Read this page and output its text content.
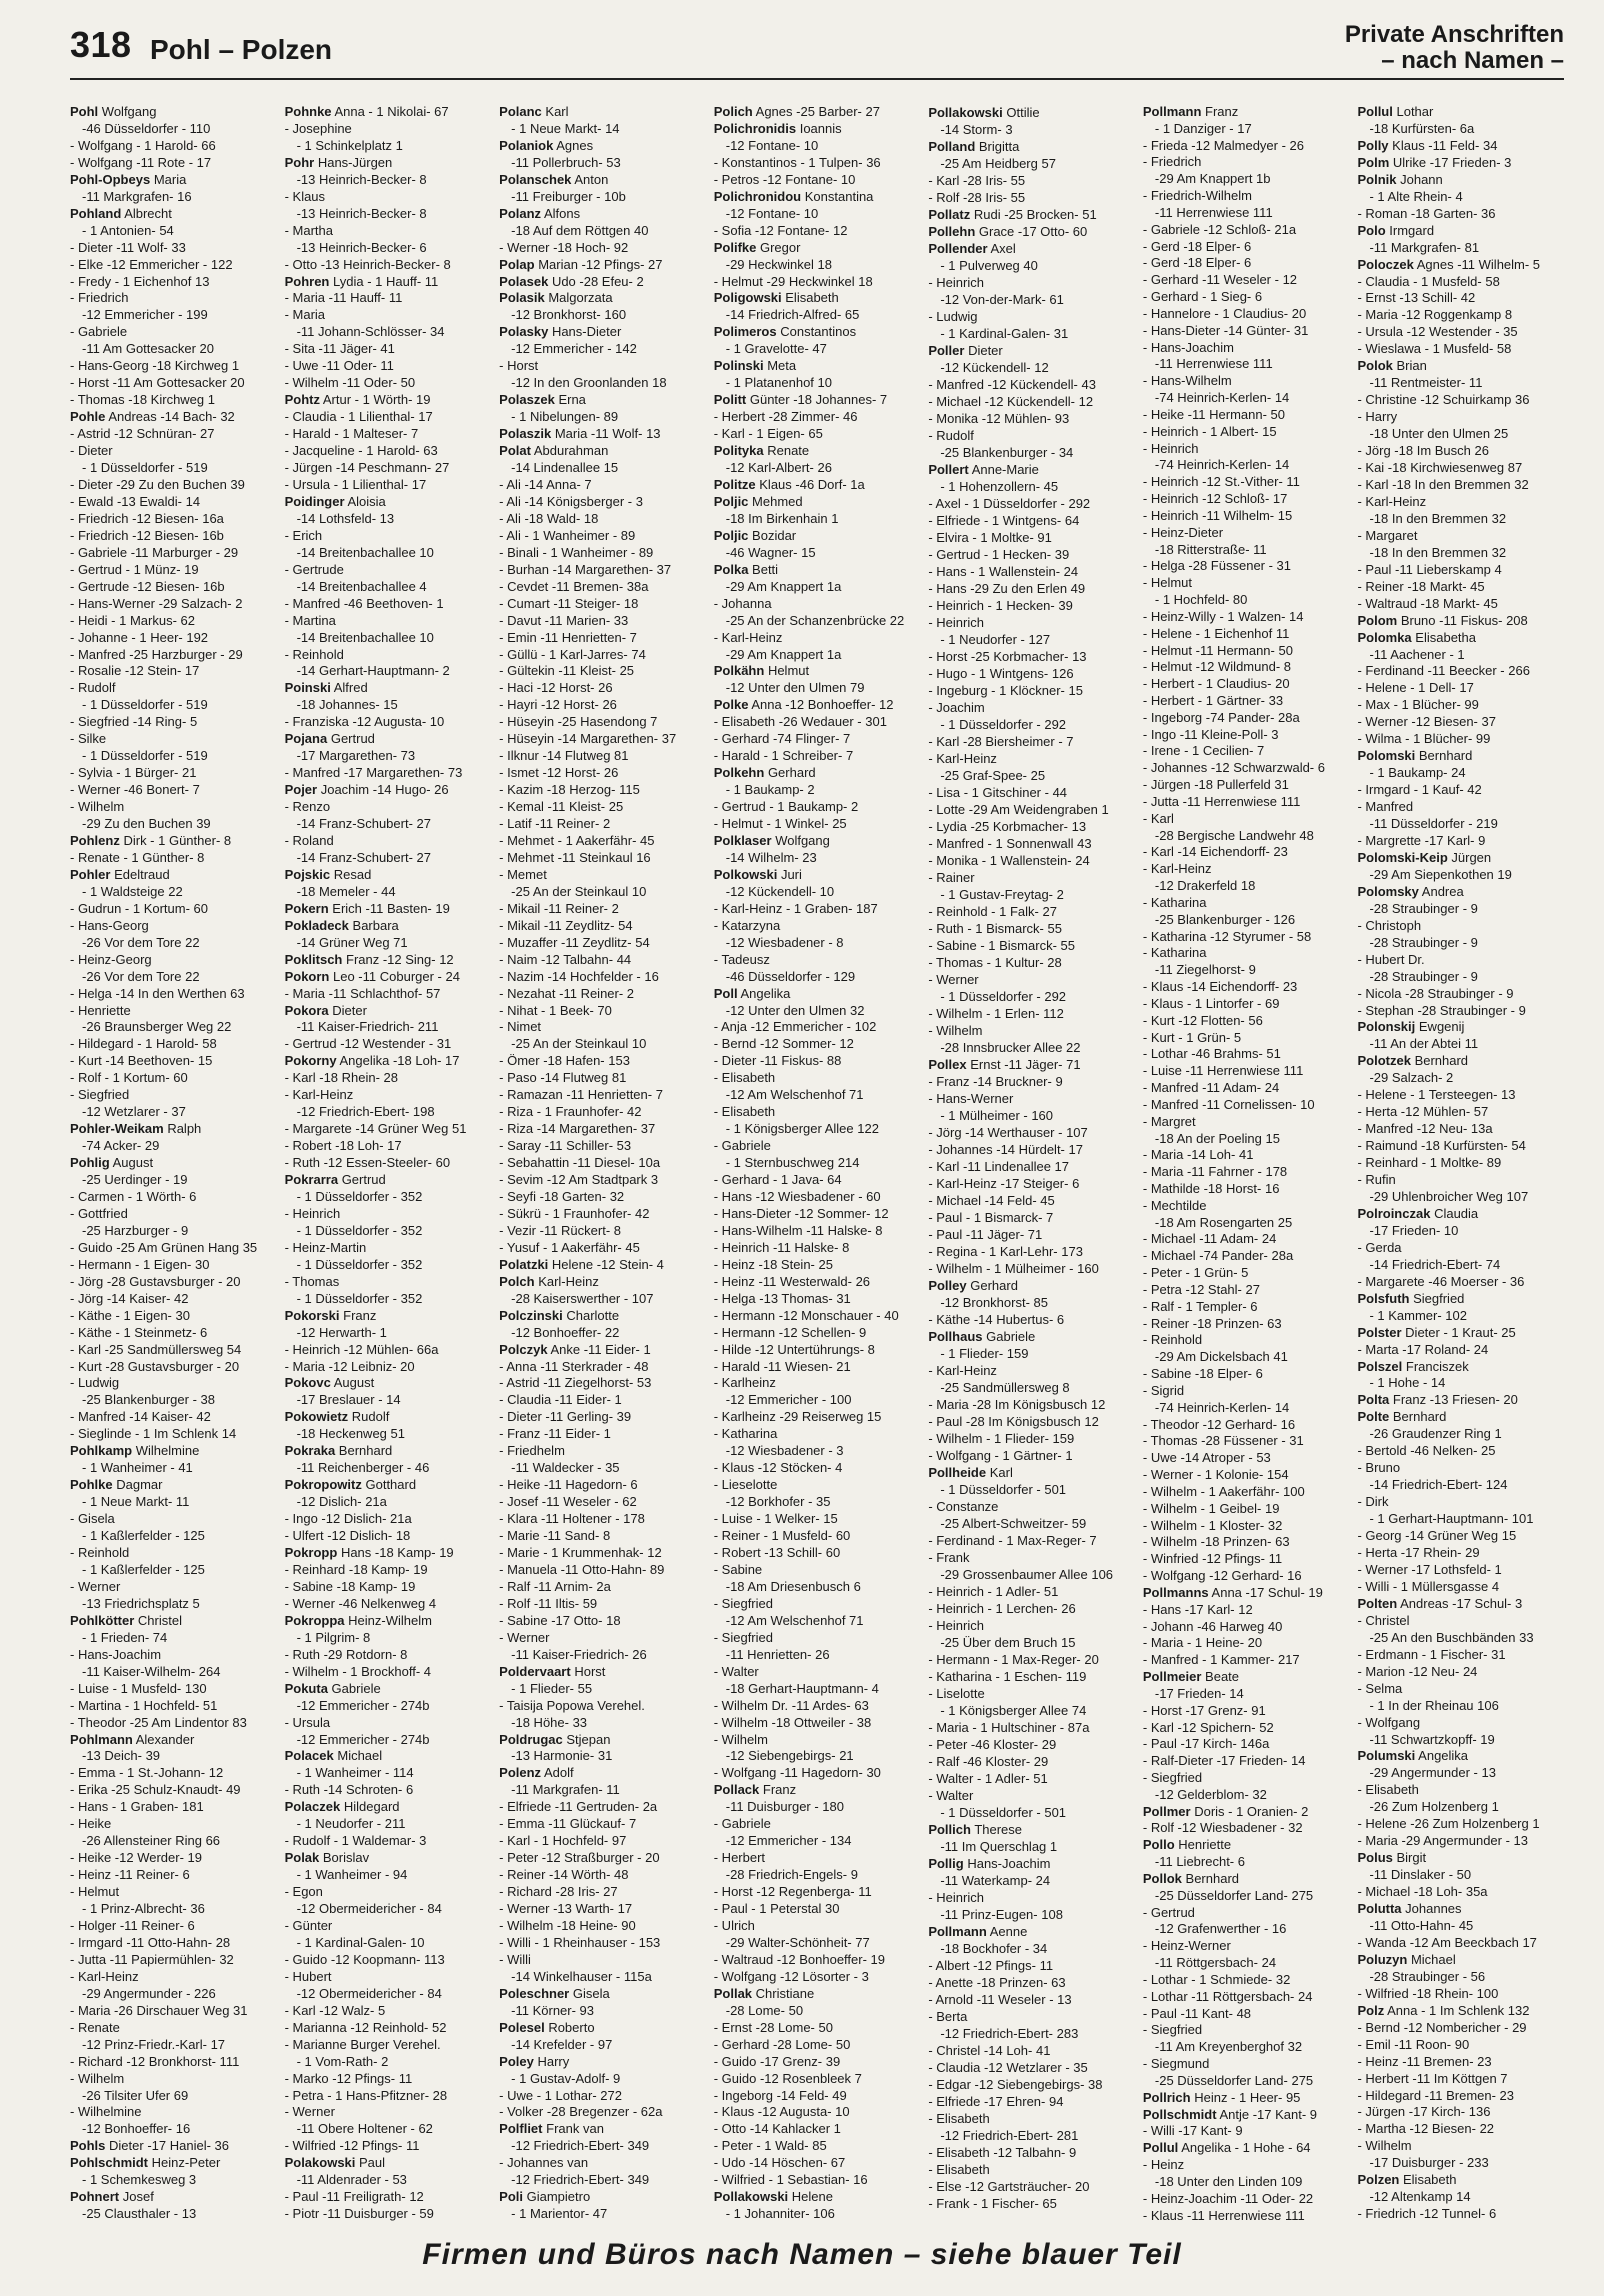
318 Pohl – Polzen	Private Anschriften
– nach Namen –
Pohl Wolfgang
-46 Düsseldorfer - 110
- Wolfgang - 1 Harold- 66
- Wolfgang -11 Rote - 17
Pohl-Opbeys Maria
-11 Markgrafen- 16
Pohland Albrecht
- 1 Antonien- 54
- Dieter -11 Wolf- 33
- Elke -12 Emmericher - 122
- Fredy - 1 Eichenhof 13
- Friedrich
-12 Emmericher - 199
- Gabriele
-11 Am Gottesacker 20
- Hans-Georg -18 Kirchweg 1
- Horst -11 Am Gottesacker 20
- Thomas -18 Kirchweg 1
Pohle Andreas -14 Bach- 32
- Astrid -12 Schnüran- 27
- Dieter
- 1 Düsseldorfer - 519
- Dieter -29 Zu den Buchen 39
- Ewald -13 Ewaldi- 14
- Friedrich -12 Biesen- 16a
- Friedrich -12 Biesen- 16b
- Gabriele -11 Marburger - 29
- Gertrud - 1 Münz- 19
- Gertrude -12 Biesen- 16b
- Hans-Werner -29 Salzach- 2
- Heidi - 1 Markus- 62
- Johanne - 1 Heer- 192
- Manfred -25 Harzburger - 29
- Rosalie -12 Stein- 17
- Rudolf
- 1 Düsseldorfer - 519
- Siegfried -14 Ring- 5
- Silke
- 1 Düsseldorfer - 519
- Sylvia - 1 Bürger- 21
- Werner -46 Bonert- 7
- Wilhelm
-29 Zu den Buchen 39
Pohlenz Dirk - 1 Günther- 8
- Renate - 1 Günther- 8
Pohler Edeltraud
- 1 Waldsteige 22
- Gudrun - 1 Kortum- 60
- Hans-Georg
-26 Vor dem Tore 22
- Heinz-Georg
-26 Vor dem Tore 22
- Helga -14 In den Werthen 63
- Henriette
-26 Braunsberger Weg 22
- Hildegard - 1 Harold- 58
- Kurt -14 Beethoven- 15
- Rolf - 1 Kortum- 60
- Siegfried
-12 Wetzlarer - 37
Pohler-Weikam Ralph
-74 Acker- 29
Pohlig August
-25 Uerdinger - 19
- Carmen - 1 Wörth- 6
- Gottfried
-25 Harzburger - 9
- Guido -25 Am Grünen Hang 35
- Hermann - 1 Eigen- 30
- Jörg -28 Gustavsburger - 20
- Jörg -14 Kaiser- 42
- Käthe - 1 Eigen- 30
- Käthe - 1 Steinmetz- 6
- Karl -25 Sandmüllersweg 54
- Kurt -28 Gustavsburger - 20
- Ludwig
-25 Blankenburger - 38
- Manfred -14 Kaiser- 42
- Sieglinde - 1 Im Schlenk 14
Pohlkamp Wilhelmine
- 1 Wanheimer - 41
Pohlke Dagmar
- 1 Neue Markt- 11
- Gisela
- 1 Kaßlerfelder - 125
- Reinhold
- 1 Kaßlerfelder - 125
- Werner
-13 Friedrichsplatz 5
Pohlkötter Christel
- 1 Frieden- 74
- Hans-Joachim
-11 Kaiser-Wilhelm- 264
- Luise - 1 Musfeld- 130
- Martina - 1 Hochfeld- 51
- Theodor -25 Am Lindentor 83
Pohlmann Alexander
-13 Deich- 39
- Emma - 1 St.-Johann- 12
- Erika -25 Schulz-Knaudt- 49
- Hans - 1 Graben- 181
- Heike
-26 Allensteiner Ring 66
- Heike -12 Werder- 19
- Heinz -11 Reiner- 6
- Helmut
- 1 Prinz-Albrecht- 36
- Holger -11 Reiner- 6
- Irmgard -11 Otto-Hahn- 28
- Jutta -11 Papiermühlen- 32
- Karl-Heinz
-29 Angermunder - 226
- Maria -26 Dirschauer Weg 31
- Renate
-12 Prinz-Friedr.-Karl- 17
- Richard -12 Bronkhorst- 111
- Wilhelm
-26 Tilsiter Ufer 69
- Wilhelmine
-12 Bonhoeffer- 16
Pohls Dieter -17 Haniel- 36
Pohlschmidt Heinz-Peter
- 1 Schemkesweg 3
Pohnert Josef
-25 Clausthaler - 13
Pohnke Anna - 1 Nikolai- 67
- Josephine
- 1 Schinkelplatz 1
Pohr Hans-Jürgen
-13 Heinrich-Becker- 8
- Klaus
-13 Heinrich-Becker- 8
- Martha
-13 Heinrich-Becker- 6
- Otto -13 Heinrich-Becker- 8
Pohren Lydia - 1 Hauff- 11
- Maria -11 Hauff- 11
- Maria
-11 Johann-Schlösser- 34
- Sita -11 Jäger- 41
- Uwe -11 Oder- 11
- Wilhelm -11 Oder- 50
Pohtz Artur - 1 Wörth- 19
- Claudia - 1 Lilienthal- 17
- Harald - 1 Malteser- 7
- Jacqueline - 1 Harold- 63
- Jürgen -14 Peschmann- 27
- Ursula - 1 Lilienthal- 17
Poidinger Aloisia
-14 Lothsfeld- 13
- Erich
-14 Breitenbachallee 10
- Gertrude
-14 Breitenbachallee 4
- Manfred -46 Beethoven- 1
- Martina
-14 Breitenbachallee 10
- Reinhold
-14 Gerhart-Hauptmann- 2
Poinski Alfred
-18 Johannes- 15
- Franziska -12 Augusta- 10
Pojana Gertrud
-17 Margarethen- 73
- Manfred -17 Margarethen- 73
Pojer Joachim -14 Hugo- 26
- Renzo
-14 Franz-Schubert- 27
- Roland
-14 Franz-Schubert- 27
Pojskic Resad
-18 Memeler - 44
Pokern Erich -11 Basten- 19
Pokladeck Barbara
-14 Grüner Weg 71
Poklitsch Franz -12 Sing- 12
Pokorn Leo -11 Coburger - 24
- Maria -11 Schlachthof- 57
Pokora Dieter
-11 Kaiser-Friedrich- 211
- Gertrud -12 Westender - 31
Pokorny Angelika -18 Loh- 17
- Karl -18 Rhein- 28
- Karl-Heinz
-12 Friedrich-Ebert- 198
- Margarete -14 Grüner Weg 51
- Robert -18 Loh- 17
- Ruth -12 Essen-Steeler- 60
Pokrarra Gertrud
- 1 Düsseldorfer - 352
- Heinrich
- 1 Düsseldorfer - 352
- Heinz-Martin
- 1 Düsseldorfer - 352
- Thomas
- 1 Düsseldorfer - 352
Pokorski Franz
-12 Herwarth- 1
- Heinrich -12 Mühlen- 66a
- Maria -12 Leibniz- 20
Pokovc August
-17 Breslauer - 14
Pokowietz Rudolf
-18 Heckenweg 51
Pokraka Bernhard
-11 Reichenberger - 46
Pokropowitz Gotthard
-12 Dislich- 21a
- Ingo -12 Dislich- 21a
- Ulfert -12 Dislich- 18
Pokropp Hans -18 Kamp- 19
- Reinhard -18 Kamp- 19
- Sabine -18 Kamp- 19
- Werner -46 Nelkenweg 4
Pokroppa Heinz-Wilhelm
- 1 Pilgrim- 8
- Ruth -29 Rotdorn- 8
- Wilhelm - 1 Brockhoff- 4
Pokuta Gabriele
-12 Emmericher - 274b
- Ursula
-12 Emmericher - 274b
Polacek Michael
- 1 Wanheimer - 114
- Ruth -14 Schroten- 6
Polaczek Hildegard
- 1 Neudorfer - 211
- Rudolf - 1 Waldemar- 3
Polak Borislav
- 1 Wanheimer - 94
- Egon
-12 Obermeidericher - 84
- Günter
- 1 Kardinal-Galen- 10
- Guido -12 Koopmann- 113
- Hubert
-12 Obermeidericher - 84
- Karl -12 Walz- 5
- Marianna -12 Reinhold- 52
- Marianne Burger Verehel.
- 1 Vom-Rath- 2
- Marko -12 Pfings- 11
- Petra - 1 Hans-Pfitzner- 28
- Werner
-11 Obere Holtener - 62
- Wilfried -12 Pfings- 11
Polakowski Paul
-11 Aldenrader - 53
- Paul -11 Freiligrath- 12
- Piotr -11 Duisburger - 59
Polanc Karl
- 1 Neue Markt- 14
Polaniok Agnes
-11 Pollerbruch- 53
Polanschek Anton
-11 Freiburger - 10b
Polanz Alfons
-18 Auf dem Röttgen 40
- Werner -18 Hoch- 92
Polap Marian -12 Pfings- 27
Polasek Udo -28 Efeu- 2
Polasik Malgorzata
-12 Bronkhorst- 160
Polasky Hans-Dieter
-12 Emmericher - 142
- Horst
-12 In den Groonlanden 18
Polaszek Erna
- 1 Nibelungen- 89
Polaszik Maria -11 Wolf- 13
Polat Abdurahman
-14 Lindenallee 15
- Ali -14 Anna- 7
- Ali -14 Königsberger - 3
- Ali -18 Wald- 18
- Ali - 1 Wanheimer - 89
- Binali - 1 Wanheimer - 89
- Burhan -14 Margarethen- 37
- Cevdet -11 Bremen- 38a
- Cumart -11 Steiger- 18
- Davut -11 Marien- 33
- Emin -11 Henrietten- 7
- Güllü - 1 Karl-Jarres- 74
- Gültekin -11 Kleist- 25
- Haci -12 Horst- 26
- Hayri -12 Horst- 26
- Hüseyin -25 Hasendong 7
- Hüseyin -14 Margarethen- 37
- Ilknur -14 Flutweg 81
- Ismet -12 Horst- 26
- Kazim -18 Herzog- 115
- Kemal -11 Kleist- 25
- Latif -11 Reiner- 2
- Mehmet - 1 Aakerfähr- 45
- Mehmet -11 Steinkaul 16
- Memet
-25 An der Steinkaul 10
- Mikail -11 Reiner- 2
- Mikail -11 Zeydlitz- 54
- Muzaffer -11 Zeydlitz- 54
- Naim -12 Talbahn- 44
- Nazim -14 Hochfelder - 16
- Nezahat -11 Reiner- 2
- Nihat - 1 Beek- 70
- Nimet
-25 An der Steinkaul 10
- Ömer -18 Hafen- 153
- Paso -14 Flutweg 81
- Ramazan -11 Henrietten- 7
- Riza - 1 Fraunhofer- 42
- Riza -14 Margarethen- 37
- Saray -11 Schiller- 53
- Sebahattin -11 Diesel- 10a
- Sevim -12 Am Stadtpark 3
- Seyfi -18 Garten- 32
- Sükrü - 1 Fraunhofer- 42
- Vezir -11 Rückert- 8
- Yusuf - 1 Aakerfähr- 45
Polatzki Helene -12 Stein- 4
Polch Karl-Heinz
-28 Kaiserswerther - 107
Polczinski Charlotte
-12 Bonhoeffer- 22
Polczyk Anke -11 Eider- 1
- Anna -11 Sterkrader - 48
- Astrid -11 Ziegelhorst- 53
- Claudia -11 Eider- 1
- Dieter -11 Gerling- 39
- Franz -11 Eider- 1
- Friedhelm
-11 Waldecker - 35
- Heike -11 Hagedorn- 6
- Josef -11 Weseler - 62
- Klara -11 Holtener - 178
- Marie -11 Sand- 8
- Marie - 1 Krummenhak- 12
- Manuela -11 Otto-Hahn- 89
- Ralf -11 Arnim- 2a
- Rolf -11 Iltis- 59
- Sabine -17 Otto- 18
- Werner
-11 Kaiser-Friedrich- 26
Poldervaart Horst
- 1 Flieder- 55
- Taisija Popowa Verehel.
-18 Höhe- 33
Poldrugac Stjepan
-13 Harmonie- 31
Polenz Adolf
-11 Markgrafen- 11
- Elfriede -11 Gertruden- 2a
- Emma -11 Glückauf- 7
- Karl - 1 Hochfeld- 97
- Peter -12 Straßburger - 20
- Reiner -14 Wörth- 48
- Richard -28 Iris- 27
- Werner -13 Warth- 17
- Wilhelm -18 Heine- 90
- Willi - 1 Rheinhauser - 153
- Willi
-14 Winkelhauser - 115a
Poleschner Gisela
-11 Körner- 93
Polesel Roberto
-14 Krefelder - 97
Poley Harry
- 1 Gustav-Adolf- 9
- Uwe - 1 Lothar- 272
- Volker -28 Bregenzer - 62a
Polfliet Frank van
-12 Friedrich-Ebert- 349
- Johannes van
-12 Friedrich-Ebert- 349
Poli Giampietro
- 1 Marientor- 47
Polich Agnes -25 Barber- 27
Polichronidis Ioannis
-12 Fontane- 10
- Konstantinos - 1 Tulpen- 36
- Petros -12 Fontane- 10
Polichronidou Konstantina
-12 Fontane- 10
- Sofia -12 Fontane- 12
Polifke Gregor
-29 Heckwinkel 18
- Helmut -29 Heckwinkel 18
Poligowski Elisabeth
-14 Friedrich-Alfred- 65
Polimeros Constantinos
- 1 Gravelotte- 47
Polinski Meta
- 1 Platanenhof 10
Politt Günter -18 Johannes- 7
- Herbert -28 Zimmer- 46
- Karl - 1 Eigen- 65
Polityka Renate
-12 Karl-Albert- 26
Politze Klaus -46 Dorf- 1a
Poljic Mehmed
-18 Im Birkenhain 1
Poljic Bozidar
-46 Wagner- 15
Polka Betti
-29 Am Knappert 1a
- Johanna
-25 An der Schanzenbrücke 22
- Karl-Heinz
-29 Am Knappert 1a
Polkähn Helmut
-12 Unter den Ulmen 79
Polke Anna -12 Bonhoeffer- 12
- Elisabeth -26 Wedauer - 301
- Gerhard -74 Flinger- 7
- Harald - 1 Schreiber- 7
Polkehn Gerhard
- 1 Baukamp- 2
- Gertrud - 1 Baukamp- 2
- Helmut - 1 Winkel- 25
Polklaser Wolfgang
-14 Wilhelm- 23
Polkowski Juri
-12 Kückendell- 10
- Karl-Heinz - 1 Graben- 187
- Katarzyna
-12 Wiesbadener - 8
- Tadeusz
-46 Düsseldorfer - 129
Poll Angelika
-12 Unter den Ulmen 32
- Anja -12 Emmericher - 102
- Bernd -12 Sommer- 12
- Dieter -11 Fiskus- 88
- Elisabeth
-12 Am Welschenhof 71
- Elisabeth
- 1 Königsberger Allee 122
- Gabriele
- 1 Sternbuschweg 214
- Gerhard - 1 Java- 64
- Hans -12 Wiesbadener - 60
- Hans-Dieter -12 Sommer- 12
- Hans-Wilhelm -11 Halske- 8
- Heinrich -11 Halske- 8
- Heinz -18 Stein- 25
- Heinz -11 Westerwald- 26
- Helga -13 Thomas- 31
- Hermann -12 Monschauer - 40
- Hermann -12 Schellen- 9
- Hilde -12 Untertührungs- 8
- Harald -11 Wiesen- 21
- Karlheinz
-12 Emmericher - 100
- Karlheinz -29 Reiserweg 15
- Katharina
-12 Wiesbadener - 3
- Klaus -12 Stöcken- 4
- Lieselotte
-12 Borkhofer - 35
- Luise - 1 Welker- 15
- Reiner - 1 Musfeld- 60
- Robert -13 Schill- 60
- Sabine
-18 Am Driesenbusch 6
- Siegfried
-12 Am Welschenhof 71
- Siegfried
-11 Henrietten- 26
- Walter
-18 Gerhart-Hauptmann- 4
- Wilhelm Dr. -11 Ardes- 63
- Wilhelm -18 Ottweiler - 38
- Wilhelm
-12 Siebengebirgs- 21
- Wolfgang -11 Hagedorn- 30
Pollack Franz
-11 Duisburger - 180
- Gabriele
-12 Emmericher - 134
- Herbert
-28 Friedrich-Engels- 9
- Horst -12 Regenberga- 11
- Paul - 1 Peterstal 30
- Ulrich
-29 Walter-Schönheit- 77
- Waltraud -12 Bonhoeffer- 19
- Wolfgang -12 Lösorter - 3
Pollak Christiane
-28 Lome- 50
- Ernst -28 Lome- 50
- Gerhard -28 Lome- 50
- Guido -17 Grenz- 39
- Guido -12 Rosenbleek 7
- Ingeborg -14 Feld- 49
- Klaus -12 Augusta- 10
- Otto -14 Kahlacker 1
- Peter - 1 Wald- 85
- Udo -14 Höschen- 67
- Wilfried - 1 Sebastian- 16
Pollakowski Helene
- 1 Johanniter- 106
Pollakowski Ottilie
-14 Storm- 3
Polland Brigitta
-25 Am Heidberg 57
- Karl -28 Iris- 55
- Rolf -28 Iris- 55
Pollatz Rudi -25 Brocken- 51
Pollehn Grace -17 Otto- 60
Pollender Axel
- 1 Pulverweg 40
- Heinrich
-12 Von-der-Mark- 61
- Ludwig
- 1 Kardinal-Galen- 31
Poller Dieter
-12 Kückendell- 12
- Manfred -12 Kückendell- 43
- Michael -12 Kückendell- 12
- Monika -12 Mühlen- 93
- Rudolf
-25 Blankenburger - 34
Pollert Anne-Marie
- 1 Hohenzollern- 45
- Axel - 1 Düsseldorfer - 292
- Elfriede - 1 Wintgens- 64
- Elvira - 1 Moltke- 91
- Gertrud - 1 Hecken- 39
- Hans - 1 Wallenstein- 24
- Hans -29 Zu den Erlen 49
- Heinrich - 1 Hecken- 39
- Heinrich
- 1 Neudorfer - 127
- Horst -25 Korbmacher- 13
- Hugo - 1 Wintgens- 126
- Ingeburg - 1 Klöckner- 15
- Joachim
- 1 Düsseldorfer - 292
- Karl -28 Biersheimer - 7
- Karl-Heinz
-25 Graf-Spee- 25
- Lisa - 1 Gitschiner - 44
- Lotte -29 Am Weidengraben 1
- Lydia -25 Korbmacher- 13
- Manfred - 1 Sonnenwall 43
- Monika - 1 Wallenstein- 24
- Rainer
- 1 Gustav-Freytag- 2
- Reinhold - 1 Falk- 27
- Ruth - 1 Bismarck- 55
- Sabine - 1 Bismarck- 55
- Thomas - 1 Kultur- 28
- Werner
- 1 Düsseldorfer - 292
- Wilhelm - 1 Erlen- 112
- Wilhelm
-28 Innsbrucker Allee 22
Pollex Ernst -11 Jäger- 71
- Franz -14 Bruckner- 9
- Hans-Werner
- 1 Mülheimer - 160
- Jörg -14 Werthauser - 107
- Johannes -14 Hürdelt- 17
- Karl -11 Lindenallee 17
- Karl-Heinz -17 Steiger- 6
- Michael -14 Feld- 45
- Paul - 1 Bismarck- 7
- Paul -11 Jäger- 71
- Regina - 1 Karl-Lehr- 173
- Wilhelm - 1 Mülheimer - 160
Polley Gerhard
-12 Bronkhorst- 85
- Käthe -14 Hubertus- 6
Pollhaus Gabriele
- 1 Flieder- 159
- Karl-Heinz
-25 Sandmüllersweg 8
- Maria -28 Im Königsbusch 12
- Paul -28 Im Königsbusch 12
- Wilhelm - 1 Flieder- 159
- Wolfgang - 1 Gärtner- 1
Pollheide Karl
- 1 Düsseldorfer - 501
- Constanze
-25 Albert-Schweitzer- 59
- Ferdinand - 1 Max-Reger- 7
- Frank
-29 Grossenbaumer Allee 106
- Heinrich - 1 Adler- 51
- Heinrich - 1 Lerchen- 26
- Heinrich
-25 Über dem Bruch 15
- Hermann - 1 Max-Reger- 20
- Katharina - 1 Eschen- 119
- Liselotte
- 1 Königsberger Allee 74
- Maria - 1 Hultschiner - 87a
- Peter -46 Kloster- 29
- Ralf -46 Kloster- 29
- Walter - 1 Adler- 51
- Walter
- 1 Düsseldorfer - 501
Pollich Therese
-11 Im Querschlag 1
Pollig Hans-Joachim
-11 Waterkamp- 24
- Heinrich
-11 Prinz-Eugen- 108
Pollmann Aenne
-18 Bockhofer - 34
- Albert -12 Pfings- 11
- Anette -18 Prinzen- 63
- Arnold -11 Weseler - 13
- Berta
-12 Friedrich-Ebert- 283
- Christel -14 Loh- 41
- Claudia -12 Wetzlarer - 35
- Edgar -12 Siebengebirgs- 38
- Elfriede -17 Ehren- 94
- Elisabeth
-12 Friedrich-Ebert- 281
- Elisabeth -12 Talbahn- 9
- Elisabeth
- Else -12 Gartsträucher- 20
- Frank - 1 Fischer- 65
Pollmann Franz
- 1 Danziger - 17
- Frieda -12 Malmedyer - 26
- Friedrich
-29 Am Knappert 1b
- Friedrich-Wilhelm
-11 Herrenwiese 111
- Gabriele -12 Schloß- 21a
- Gerd -18 Elper- 6
- Gerd -18 Elper- 6
- Gerhard -11 Weseler - 12
- Gerhard - 1 Sieg- 6
- Hannelore - 1 Claudius- 20
- Hans-Dieter -14 Günter- 31
- Hans-Joachim
-11 Herrenwiese 111
- Hans-Wilhelm
-74 Heinrich-Kerlen- 14
- Heike -11 Hermann- 50
- Heinrich - 1 Albert- 15
- Heinrich
-74 Heinrich-Kerlen- 14
- Heinrich -12 St.-Vither- 11
- Heinrich -12 Schloß- 17
- Heinrich -11 Wilhelm- 15
- Heinz-Dieter
-18 Ritterstraße- 11
- Helga -28 Füssener - 31
- Helmut
- 1 Hochfeld- 80
- Heinz-Willy - 1 Walzen- 14
- Helene - 1 Eichenhof 11
- Helmut -11 Hermann- 50
- Helmut -12 Wildmund- 8
- Herbert - 1 Claudius- 20
- Herbert - 1 Gärtner- 33
- Ingeborg -74 Pander- 28a
- Ingo -11 Kleine-Poll- 3
- Irene - 1 Cecilien- 7
- Johannes -12 Schwarzwald- 6
- Jürgen -18 Pullerfeld 31
- Jutta -11 Herrenwiese 111
- Karl
-28 Bergische Landwehr 48
- Karl -14 Eichendorff- 23
- Karl-Heinz
-12 Drakerfeld 18
- Katharina
-25 Blankenburger - 126
- Katharina -12 Styrumer - 58
- Katharina
-11 Ziegelhorst- 9
- Klaus -14 Eichendorff- 23
- Klaus - 1 Lintorfer - 69
- Kurt -12 Flotten- 56
- Kurt - 1 Grün- 5
- Lothar -46 Brahms- 51
- Luise -11 Herrenwiese 111
- Manfred -11 Adam- 24
- Manfred -11 Cornelissen- 10
- Margret
-18 An der Poeling 15
- Maria -14 Loh- 41
- Maria -11 Fahrner - 178
- Mathilde -18 Horst- 16
- Mechtilde
-18 Am Rosengarten 25
- Michael -11 Adam- 24
- Michael -74 Pander- 28a
- Peter - 1 Grün- 5
- Petra -12 Stahl- 27
- Ralf - 1 Templer- 6
- Reiner -18 Prinzen- 63
- Reinhold
-29 Am Dickelsbach 41
- Sabine -18 Elper- 6
- Sigrid
-74 Heinrich-Kerlen- 14
- Theodor -12 Gerhard- 16
- Thomas -28 Füssener - 31
- Uwe -14 Atroper - 53
- Werner - 1 Koloniе- 154
- Wilhelm - 1 Aakerfähr- 100
- Wilhelm - 1 Geibel- 19
- Wilhelm - 1 Kloster- 32
- Wilhelm -18 Prinzen- 63
- Winfried -12 Pfings- 11
- Wolfgang -12 Gerhard- 16
Pollmanns Anna -17 Schul- 19
- Hans -17 Karl- 12
- Johann -46 Harweg 40
- Maria - 1 Heine- 20
- Manfred - 1 Kammer- 217
Pollmeier Beate
-17 Frieden- 14
- Horst -17 Grenz- 91
- Karl -12 Spichern- 52
- Paul -17 Kirch- 146a
- Ralf-Dieter -17 Frieden- 14
- Siegfried
-12 Gelderblom- 32
Pollmer Doris - 1 Oranien- 2
- Rolf -12 Wiesbadener - 32
Pollo Henriette
-11 Liebrecht- 6
Pollok Bernhard
-25 Düsseldorfer Land- 275
- Gertrud
-12 Grafenwerther - 16
- Heinz-Werner
-11 Röttgersbach- 24
- Lothar - 1 Schmiede- 32
- Lothar -11 Röttgersbach- 24
- Paul -11 Kant- 48
- Siegfried
-11 Am Kreyenberghof 32
- Siegmund
-25 Düsseldorfer Land- 275
Pollrich Heinz - 1 Heer- 95
Pollschmidt Antje -17 Kant- 9
- Willi -17 Kant- 9
Pollul Angelika - 1 Hohe - 64
- Heinz
-18 Unter den Linden 109
- Heinz-Joachim -11 Oder- 22
- Klaus -11 Herrenwiese 111
Pollul Lothar
-18 Kurfürsten- 6a
Polly Klaus -11 Feld- 34
Polm Ulrike -17 Frieden- 3
Polnik Johann
- 1 Alte Rhein- 4
- Roman -18 Garten- 36
Polo Irmgard
-11 Markgrafen- 81
Poloczek Agnes -11 Wilhelm- 5
- Claudia - 1 Musfeld- 58
- Ernst -13 Schill- 42
- Maria -12 Roggenkamp 8
- Ursula -12 Westender - 35
- Wieslawa - 1 Musfeld- 58
Polok Brian
-11 Rentmeister- 11
- Christine -12 Schuirkamp 36
- Harry
-18 Unter den Ulmen 25
- Jörg -18 Im Busch 26
- Kai -18 Kirchwiesenweg 87
- Karl -18 In den Bremmen 32
- Karl-Heinz
-18 In den Bremmen 32
- Margaret
-18 In den Bremmen 32
- Paul -11 Lieberskamp 4
- Reiner -18 Markt- 45
- Waltraud -18 Markt- 45
Polom Bruno -11 Fiskus- 208
Polomka Elisabetha
-11 Aachener - 1
- Ferdinand -11 Beecker - 266
- Helene - 1 Dell- 17
- Max - 1 Blücher- 99
- Werner -12 Biesen- 37
- Wilma - 1 Blücher- 99
Polomski Bernhard
- 1 Baukamp- 24
- Irmgard - 1 Kauf- 42
- Manfred
-11 Düsseldorfer - 219
- Margrette -17 Karl- 9
Polomski-Keip Jürgen
-29 Am Siepenkothen 19
Polomsky Andrea
-28 Straubinger - 9
- Christoph
-28 Straubinger - 9
- Hubert Dr.
-28 Straubinger - 9
- Nicola -28 Straubinger - 9
- Stephan -28 Straubinger - 9
Polonskij Ewgenij
-11 An der Abtei 11
Polotzek Bernhard
-29 Salzach- 2
- Helene - 1 Tersteegen- 13
- Herta -12 Mühlen- 57
- Manfred -12 Neu- 13a
- Raimund -18 Kurfürsten- 54
- Reinhard - 1 Moltke- 89
- Rufin
-29 Uhlenbroicher Weg 107
Polroinczak Claudia
-17 Frieden- 10
- Gerda
-14 Friedrich-Ebert- 74
- Margarete -46 Moerser - 36
Polsfuth Siegfried
- 1 Kammer- 102
Polster Dieter - 1 Kraut- 25
- Marta -17 Roland- 24
Polszel Franciszek
- 1 Hohe - 14
Polta Franz -13 Friesen- 20
Polte Bernhard
-26 Graudenzer Ring 1
- Bertold -46 Nelken- 25
- Bruno
-14 Friedrich-Ebert- 124
- Dirk
- 1 Gerhart-Hauptmann- 101
- Georg -14 Grüner Weg 15
- Herta -17 Rhein- 29
- Werner -17 Lothsfeld- 1
- Willi - 1 Müllersgasse 4
Polten Andreas -17 Schul- 3
- Christel
-25 An den Buschbänden 33
- Erdmann - 1 Fischer- 31
- Marion -12 Neu- 24
- Selma
- 1 In der Rheinau 106
- Wolfgang
-11 Schwartzkopff- 19
Polumski Angelika
-29 Angermunder - 13
- Elisabeth
-26 Zum Holzenberg 1
- Helene -26 Zum Holzenberg 1
- Maria -29 Angermunder - 13
Polus Birgit
-11 Dinslaker - 50
- Michael -18 Loh- 35a
Polutta Johannes
-11 Otto-Hahn- 45
- Wanda -12 Am Beeckbach 17
Poluzyn Michael
-28 Straubinger - 56
- Wilfried -18 Rhein- 100
Polz Anna - 1 Im Schlenk 132
- Bernd -12 Nombericher - 29
- Emil -11 Roon- 90
- Heinz -11 Bremen- 23
- Herbert -11 Im Köttgen 7
- Hildegard -11 Bremen- 23
- Jürgen -17 Kirch- 136
- Martha -12 Biesen- 22
- Wilhelm
-17 Duisburger - 233
Polzen Elisabeth
-12 Altenkamp 14
- Friedrich -12 Tunnel- 6
Firmen und Büros nach Namen – siehe blauer Teil
